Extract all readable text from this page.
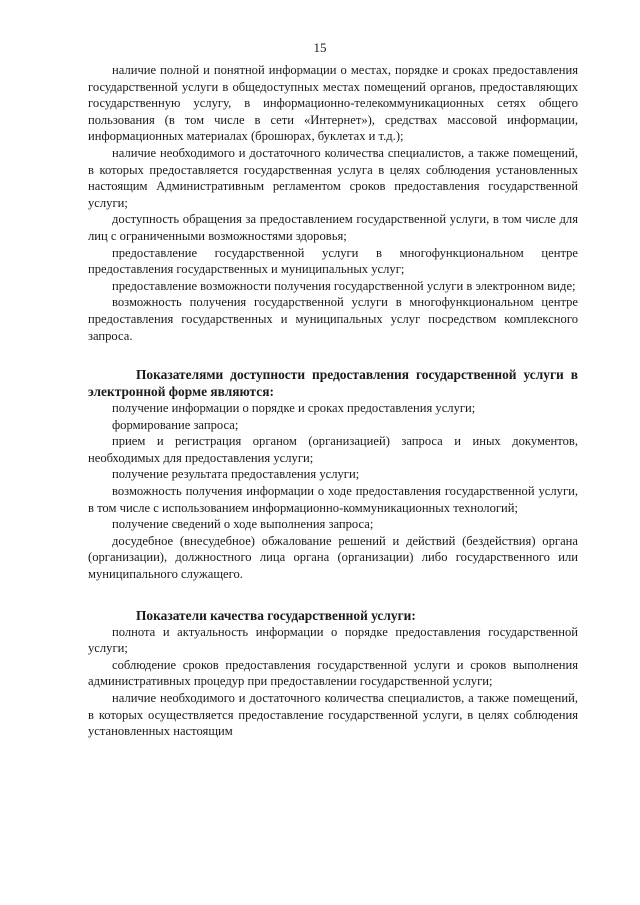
15

наличие полной и понятной информации о местах, порядке и сроках предоставления государственной услуги в общедоступных местах помещений органов, предоставляющих государственную услугу, в информационно-телекоммуникационных сетях общего пользования (в том числе в сети «Интернет»), средствах массовой информации, информационных материалах (брошюрах, буклетах и т.д.);

наличие необходимого и достаточного количества специалистов, а также помещений, в которых предоставляется государственная услуга в целях соблюдения установленных настоящим Административным регламентом сроков предоставления государственной услуги;

доступность обращения за предоставлением государственной услуги, в том числе для лиц с ограниченными возможностями здоровья;

предоставление государственной услуги в многофункциональном центре предоставления государственных и муниципальных услуг;

предоставление возможности получения государственной услуги в электронном виде;

возможность получения государственной услуги в многофункциональном центре предоставления государственных и муниципальных услуг посредством комплексного запроса.

Показателями доступности предоставления государственной услуги в электронной форме являются:

получение информации о порядке и сроках предоставления услуги;

формирование запроса;

прием и регистрация органом (организацией) запроса и иных документов, необходимых для предоставления услуги;

получение результата предоставления услуги;

возможность получения информации о ходе предоставления государственной услуги, в том числе с использованием информационно-коммуникационных технологий;

получение сведений о ходе выполнения запроса;

досудебное (внесудебное) обжалование решений и действий (бездействия) органа (организации), должностного лица органа (организации) либо государственного или муниципального служащего.

Показатели качества государственной услуги:

полнота и актуальность информации о порядке предоставления государственной услуги;

соблюдение сроков предоставления государственной услуги и сроков выполнения административных процедур при предоставлении государственной услуги;

наличие необходимого и достаточного количества специалистов, а также помещений, в которых осуществляется предоставление государственной услуги, в целях соблюдения установленных настоящим
